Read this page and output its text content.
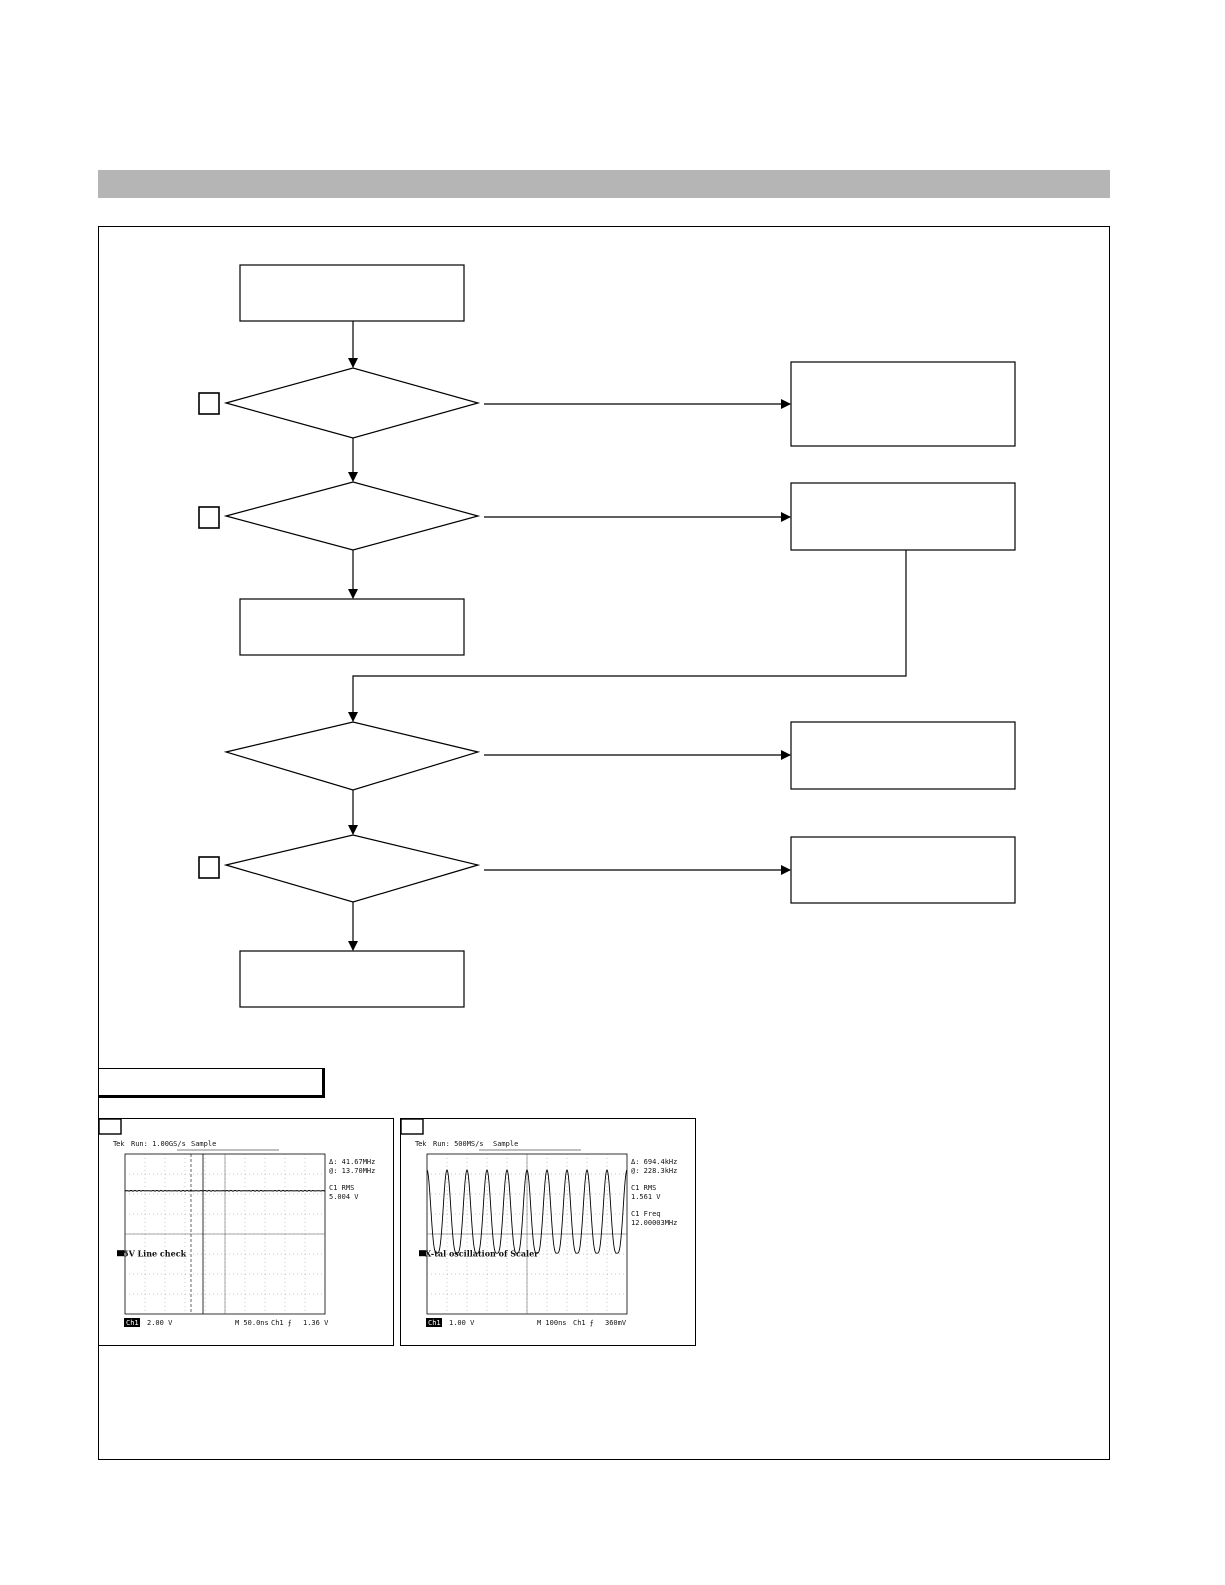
Tek Run: 1.00GS/s Sample
5V Line check
Δ: 41.67MHz
@: 13.70MHz
C1 RMS
5.004 V
Ch1 2.00 V	M 50.0ns Ch1 ⨍ 1.36 V
Tek Run: 500MS/s Sample
X-tal oscillation of Scaler
Δ: 694.4kHz
@: 228.3kHz
C1 RMS
1.561 V
C1 Freq
12.00003MHz
Ch1 1.00 V	M 100ns Ch1 ⨍ 360mV
